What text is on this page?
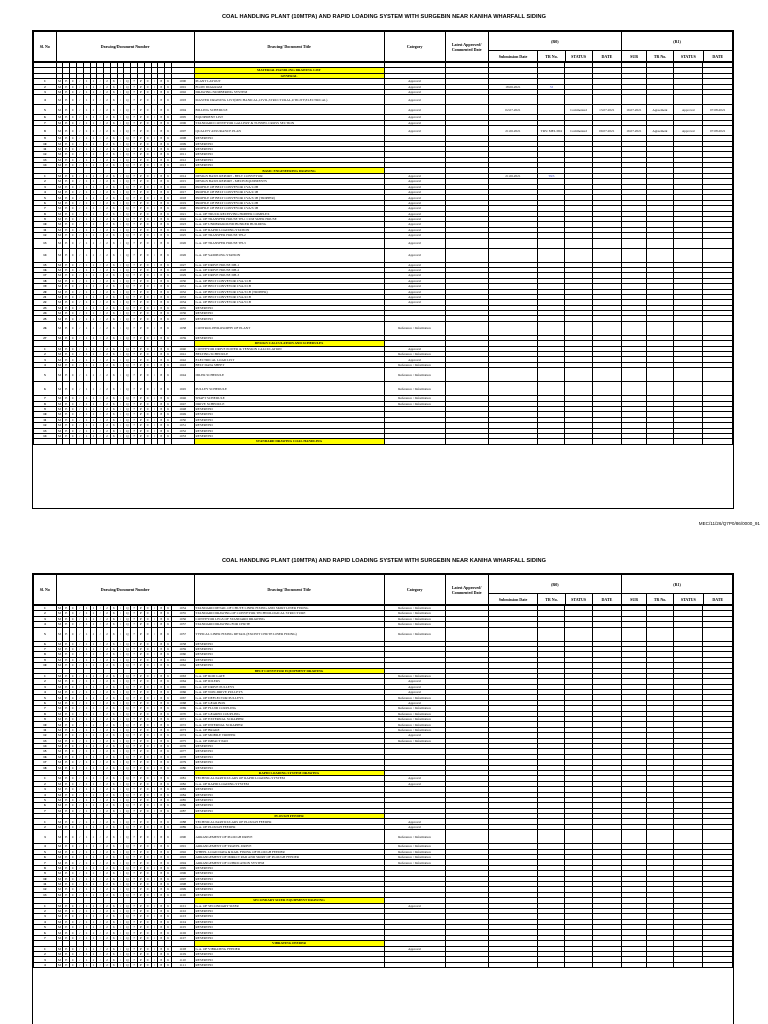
COAL HANDLING PLANT (10MTPA) AND RAPID LOADING SYSTEM WITH SURGEBIN NEAR KANIHA WHARFALL SIDING
Sl. No	Drawing/Document Number	Drawing/ Document Title	Category	Latest Approved/ Commented Date	(R0)				(R1)			
					Submission Date	TR No.	STATUS	DATE	SUB	TR No.	STATUS	DATE

																			MATERIAL HANDLING DRAWING LIST										
																			GENERAL										
1	M	E	C	/	1	1	/	2	6	/	Q	7	P	0	/	8	6	1000	PLANT LAYOUT	Approval									
2	M	E	C	/	1	1	/	2	6	/	Q	7	P	0	/	8	6	1001	FLOW DIAGRAM	Approval		18.06.2021	33						
3	M	E	C	/	1	1	/	2	6	/	Q	7	P	0	/	8	6	1002	DRAWING NUMBERING SYSTEM	Approval									
4	M	E	C	/	1	1	/	2	6	/	Q	7	P	0	/	8	6	1003	MASTER DRAWING LIST(MECHANICAL,CIVIL,STRUCTURAL,UTILITY,ELECTRICAL)	Approval									
5	M	E	C	/	1	1	/	2	6	/	Q	7	P	0	/	8	6	1004	BILLING SCHEDULE	Approval		02.07.2021		Commented	13.07.2021	16.07.2021	Agreement	Approval	07.08.2021
6	M	E	C	/	1	1	/	2	6	/	Q	7	P	0	/	8	6	1005	EQUIPMENT LIST	Approval									
7	M	E	C	/	1	1	/	2	6	/	Q	7	P	0	/	8	6	1006	STANDARD CONVEYOR GALLERY & TUNNEL CROSS SECTION	Approval									
8	M	E	C	/	1	1	/	2	6	/	Q	7	P	0	/	8	6	1007	QUALITY ASSURANCE PLAN	Approval		21.06.2021	TRS/ MEL/004	Commented	09.07.2021	16.07.2021	Agreement	Approval	07.08.2021
9	M	E	C	/	1	1	/	2	6	/	Q	7	P	0	/	8	6	1008	RESERVED										
10	M	E	C	/	1	1	/	2	6	/	Q	7	P	0	/	8	6	1009	RESERVED										
11	M	E	C	/	1	1	/	2	6	/	Q	7	P	0	/	8	6	1010	RESERVED										
12	M	E	C	/	1	1	/	2	6	/	Q	7	P	0	/	8	6	1011	RESERVED										
13	M	E	C	/	1	1	/	2	6	/	Q	7	P	0	/	8	6	1012	RESERVED										
14	M	E	C	/	1	1	/	2	6	/	Q	7	P	0	/	8	6	1013	RESERVED										
																			BASIC ENGINEERING DRAWING										
1	M	E	C	/	1	1	/	2	6	/	Q	7	P	0	/	8	6	1014	DESIGN BASIS REPORT - BELT CONVEYOR	Approval		21.06.2021	TRS						
2	M	E	C	/	1	1	/	2	6	/	Q	7	P	0	/	8	6	1015	DESIGN BASIS REPORT - MECH.EQUIPMENTS	Approval									
3	M	E	C	/	1	1	/	2	6	/	Q	7	P	0	/	8	6	1016	PROFILE OF BELT CONVEYOR CVA/1/2B	Approval									
4	M	E	C	/	1	1	/	2	6	/	Q	7	P	0	/	8	6	1017	PROFILE OF BELT CONVEYOR CVA/2/1B	Approval									
5	M	E	C	/	1	1	/	2	6	/	Q	7	P	0	/	8	6	1018	PROFILE OF BELT CONVEYOR CVA/3/1B (TRIPPER)	Approval									
6	M	E	C	/	1	1	/	2	6	/	Q	7	P	0	/	8	6	1019	PROFILE OF BELT CONVEYOR CVA/1/2B	Approval									
7	M	E	C	/	1	1	/	2	6	/	Q	7	P	0	/	8	6	1020	PROFILE OF BELT CONVEYOR CVA/5/1B	Approval									
8	M	E	C	/	1	1	/	2	6	/	Q	7	P	0	/	8	6	1021	G.A. OF TRUCK RECEIVING HOPPER COMPLEX	Approval									
9	M	E	C	/	1	1	/	2	6	/	Q	7	P	0	/	8	6	1022	G.A. OF TRANSFER HOUSE TH-1 CUM SIZER HOUSE	Approval									
10	M	E	C	/	1	1	/	2	6	/	Q	7	P	0	/	8	6	1023	G.A. OF UNDERGROUND BUNKER BUILDING	Approval									
11	M	E	C	/	1	1	/	2	6	/	Q	7	P	0	/	8	6	1024	G.A. OF RAPID LOADING STATION	Approval									
12	M	E	C	/	1	1	/	2	6	/	Q	7	P	0	/	8	6	1025	G.A. OF TRANSFER HOUSE TH-2	Approval									
13	M	E	C	/	1	1	/	2	6	/	Q	7	P	0	/	8	6	1026	G.A. OF TRANSFER HOUSE TH-3	Approval									
14	M	E	C	/	1	1	/	2	6	/	Q	7	P	0	/	8	6	1026	G.A. OF SAMPLING STATION	Approval									
15	M	E	C	/	1	1	/	2	6	/	Q	7	P	0	/	8	6	1027	G.A. OF DRIVE HOUSE DH-1	Approval									
16	M	E	C	/	1	1	/	2	6	/	Q	7	P	0	/	8	6	1028	G.A. OF DRIVE HOUSE DH-2	Approval									
17	M	E	C	/	1	1	/	2	6	/	Q	7	P	0	/	8	6	1029	G.A. OF DRIVE HOUSE DH-3	Approval									
18	M	E	C	/	1	1	/	2	6	/	Q	7	P	0	/	8	6	1030	G.A. OF BELT CONVEYOR CVA/1/1B	Approval									
19	M	E	C	/	1	1	/	2	6	/	Q	7	P	0	/	8	6	1031	G.A. OF BELT CONVEYOR CVA/2/1B	Approval									
20	M	E	C	/	1	1	/	2	6	/	Q	7	P	0	/	8	6	1032	G.A. OF BELT CONVEYOR CVA/3/1B (TRIPPER)	Approval									
21	M	E	C	/	1	1	/	2	6	/	Q	7	P	0	/	8	6	1033	G.A. OF BELT CONVEYOR CVA/4/1B	Approval									
22	M	E	C	/	1	1	/	2	6	/	Q	7	P	0	/	8	6	1034	G.A. OF BELT CONVEYOR CVA/5/1B	Approval									
23	M	E	C	/	1	1	/	2	6	/	Q	7	P	0	/	8	6	1035	RESERVED										
24	M	E	C	/	1	1	/	2	6	/	Q	7	P	0	/	8	6	1036	RESERVED										
25	M	E	C	/	1	1	/	2	6	/	Q	7	P	0	/	8	6	1037	RESERVED										
26	M	E	C	/	1	1	/	2	6	/	Q	7	P	0	/	8	6	1038	CONTROL PHILOSOPHY OF PLANT	Reference / Information									
27	M	E	C	/	1	1	/	2	6	/	Q	7	P	0	/	8	6	1039	RESERVED										
																			DESIGN CALCULATION AND SCHEDULES										
1	M	E	C	/	1	1	/	2	6	/	Q	7	P	0	/	8	6	1040	CONVEYOR DRIVE POWER & TENSION CALCULATION	Approval									
2	M	E	C	/	1	1	/	2	6	/	Q	7	P	0	/	8	6	1041	BELTING SCHEDULE	Reference / Information									
3	M	E	C	/	1	1	/	2	6	/	Q	7	P	0	/	8	6	1042	ELECTRICAL LOAD LIST	Approval									
4	M	E	C	/	1	1	/	2	6	/	Q	7	P	0	/	8	6	1043	BELT DATA SHEET	Reference / Information									
5	M	E	C	/	1	1	/	2	6	/	Q	7	P	0	/	8	6	1044	IDLER SCHEDULE	Reference / Information									
6	M	E	C	/	1	1	/	2	6	/	Q	7	P	0	/	8	6	1045	PULLEY SCHEDULE	Reference / Information									
7	M	E	C	/	1	1	/	2	6	/	Q	7	P	0	/	8	6	1046	SHAFT SCHEDULE	Reference / Information									
8	M	E	C	/	1	1	/	2	6	/	Q	7	P	0	/	8	6	1047	DRIVE SCHEDULE	Reference / Information									
9	M	E	C	/	1	1	/	2	6	/	Q	7	P	0	/	8	6	1048	RESERVED										
10	M	E	C	/	1	1	/	2	6	/	Q	7	P	0	/	8	6	1049	RESERVED										
11	M	E	C	/	1	1	/	2	6	/	Q	7	P	0	/	8	6	1050	RESERVED										
12	M	E	C	/	1	1	/	2	6	/	Q	7	P	0	/	8	6	1051	RESERVED										
13	M	E	C	/	1	1	/	2	6	/	Q	7	P	0	/	8	6	1052	RESERVED										
14	M	E	C	/	1	1	/	2	6	/	Q	7	P	0	/	8	6	1053	RESERVED										
																			STANDARD DRAWING COAL HANDLING										
MEC/11/26/Q7P0/86/0000_91
COAL HANDLING PLANT (10MTPA) AND RAPID LOADING SYSTEM WITH SURGEBIN NEAR KANIHA WHARFALL SIDING
Sl. No	Drawing/Document Number	Drawing/ Document Title	Category	Latest Approved/ Commented Date	(R0)				(R1)			
					Submission Date	TR No.	STATUS	DATE	SUB	TR No.	STATUS	DATE
1	M	E	C	/	1	1	/	2	6	/	Q	7	P	0	/	8	6	1054	STANDARD DETAIL OF CHUTE LINER FIXING AND SKIRT LINER FIXING	Reference / Information									
2	M	E	C	/	1	1	/	2	6	/	Q	7	P	0	/	8	6	1055	STANDARD DRAWING OF CONVEYOR TECHNOLOGICAL STRUCTURE	Reference / Information									
3	M	E	C	/	1	1	/	2	6	/	Q	7	P	0	/	8	6	1056	CONVEYOR LEGS OF STANDARD DRAWING	Reference / Information									
4	M	E	C	/	1	1	/	2	6	/	Q	7	P	0	/	8	6	1057	STANDARD DRAWING FOR CHUTE	Reference / Information									
5	M	E	C	/	1	1	/	2	6	/	Q	7	P	0	/	8	6	1057	TYPICAL LINER FIXING DETAIL (EXCEPT CHUTE LINER FIXING)	Reference / Information									
6	M	E	C	/	1	1	/	2	6	/	Q	7	P	0	/	8	6	1058	RESERVED										
7	M	E	C	/	1	1	/	2	6	/	Q	7	P	0	/	8	6	1059	RESERVED										
8	M	E	C	/	1	1	/	2	6	/	Q	7	P	0	/	8	6	1060	RESERVED										
9	M	E	C	/	1	1	/	2	6	/	Q	7	P	0	/	8	6	1061	RESERVED										
10	M	E	C	/	1	1	/	2	6	/	Q	7	P	0	/	8	6	1062	RESERVED										
																			BELT CONVEYOR EQUIPMENT DRAWING										
1	M	E	C	/	1	1	/	2	6	/	Q	7	P	0	/	8	6	1063	G.A. OF ROD GATE	Reference / Information									
2	M	E	C	/	1	1	/	2	6	/	Q	7	P	0	/	8	6	1064	G.A. OF IDLERS	Approval									
3	M	E	C	/	1	1	/	2	6	/	Q	7	P	0	/	8	6	1065	G.A. OF DRIVE PULLEYS	Approval									
4	M	E	C	/	1	1	/	2	6	/	Q	7	P	0	/	8	6	1066	G.A. OF NON-DRIVE PULLEYS	Approval									
5	M	E	C	/	1	1	/	2	6	/	Q	7	P	0	/	8	6	1067	G.A. OF DEFLECTOR PULLEYS	Reference / Information									
6	M	E	C	/	1	1	/	2	6	/	Q	7	P	0	/	8	6	1068	G.A. OF GEAR BOX	Approval									
7	M	E	C	/	1	1	/	2	6	/	Q	7	P	0	/	8	6	1069	G.A. OF FLUID COUPLING	Reference / Information									
8	M	E	C	/	1	1	/	2	6	/	Q	7	P	0	/	8	6	1070	G.A. OF GEARED COUPLING	Reference / Information									
9	M	E	C	/	1	1	/	2	6	/	Q	7	P	0	/	8	6	1071	G.A. OF EXTERNAL SCRAPPER	Reference / Information									
10	M	E	C	/	1	1	/	2	6	/	Q	7	P	0	/	8	6	1072	G.A. OF INTERNAL SCRAPPER	Reference / Information									
11	M	E	C	/	1	1	/	2	6	/	Q	7	P	0	/	8	6	1073	G.A. OF BRAKE	Reference / Information									
12	M	E	C	/	1	1	/	2	6	/	Q	7	P	0	/	8	6	1074	G.A. OF MOBILE TRIPPER	Approval									
13	M	E	C	/	1	1	/	2	6	/	Q	7	P	0	/	8	6	1075	G.A. OF IMPACT PAD	Reference / Information									
14	M	E	C	/	1	1	/	2	6	/	Q	7	P	0	/	8	6	1076	RESERVED										
15	M	E	C	/	1	1	/	2	6	/	Q	7	P	0	/	8	6	1077	RESERVED										
16	M	E	C	/	1	1	/	2	6	/	Q	7	P	0	/	8	6	1078	RESERVED										
17	M	E	C	/	1	1	/	2	6	/	Q	7	P	0	/	8	6	1079	RESERVED										
18	M	E	C	/	1	1	/	2	6	/	Q	7	P	0	/	8	6	1080	RESERVED										
																			RAPID LOADING SYSTEM DRAWING										
1	M	E	C	/	1	1	/	2	6	/	Q	7	P	0	/	8	6	1081	TECHNICAL PARTICULARS OF RAPID LOADING SYSTEM	Approval									
2	M	E	C	/	1	1	/	2	6	/	Q	7	P	0	/	8	6	1082	G.A. OF RAPID LOADING SYSTEM	Approval									
3	M	E	C	/	1	1	/	2	6	/	Q	7	P	0	/	8	6	1083	RESERVED										
4	M	E	C	/	1	1	/	2	6	/	Q	7	P	0	/	8	6	1084	RESERVED										
5	M	E	C	/	1	1	/	2	6	/	Q	7	P	0	/	8	6	1085	RESERVED										
6	M	E	C	/	1	1	/	2	6	/	Q	7	P	0	/	8	6	1086	RESERVED										
7	M	E	C	/	1	1	/	2	6	/	Q	7	P	0	/	8	6	1087	RESERVED										
																			PLOUGH FEEDER										
1	M	E	C	/	1	1	/	2	6	/	Q	7	P	0	/	8	6	1088	TECHNICAL PARTICULARS OF PLOUGH FEEDER	Approval									
2	M	E	C	/	1	1	/	2	6	/	Q	7	P	0	/	8	6	1089	G.A. OF PLOUGH FEEDER	Approval									
3	M	E	C	/	1	1	/	2	6	/	Q	7	P	0	/	8	6	1090	ARRANGEMENT OF PLOUGH DRIVE	Reference / Information									
4	M	E	C	/	1	1	/	2	6	/	Q	7	P	0	/	8	6	1091	ARRANGEMENT OF TRAVEL DRIVE	Reference / Information									
5	M	E	C	/	1	1	/	2	6	/	Q	7	P	0	/	8	6	1092	WHEEL LOAD DATA & RAIL FIXING OF PLOUGH FEEDER	Reference / Information									
6	M	E	C	/	1	1	/	2	6	/	Q	7	P	0	/	8	6	1093	ARRANGEMENT OF IMPACT PAD AND SKIRT OF PLOUGH FEEDER	Reference / Information									
7	M	E	C	/	1	1	/	2	6	/	Q	7	P	0	/	8	6	1094	ARRANGEMENT OF LUBRICATION SYSTEM	Reference / Information									
8	M	E	C	/	1	1	/	2	6	/	Q	7	P	0	/	8	6	1095	RESERVED										
9	M	E	C	/	1	1	/	2	6	/	Q	7	P	0	/	8	6	1096	RESERVED										
10	M	E	C	/	1	1	/	2	6	/	Q	7	P	0	/	8	6	1097	RESERVED										
11	M	E	C	/	1	1	/	2	6	/	Q	7	P	0	/	8	6	1098	RESERVED										
12	M	E	C	/	1	1	/	2	6	/	Q	7	P	0	/	8	6	1099	RESERVED										
13	M	E	C	/	1	1	/	2	6	/	Q	7	P	0	/	8	6	1100	RESERVED										
																			SECONDARY SIZER EQUIPMENT DRAWING										
1	M	E	C	/	1	1	/	2	6	/	Q	7	P	0	/	8	6	1101	G.A. OF SECONDARY SIZER	Approval									
2	M	E	C	/	1	1	/	2	6	/	Q	7	P	0	/	8	6	1102	RESERVED										
3	M	E	C	/	1	1	/	2	6	/	Q	7	P	0	/	8	6	1103	RESERVED										
4	M	E	C	/	1	1	/	2	6	/	Q	7	P	0	/	8	6	1104	RESERVED										
5	M	E	C	/	1	1	/	2	6	/	Q	7	P	0	/	8	6	1105	RESERVED										
6	M	E	C	/	1	1	/	2	6	/	Q	7	P	0	/	8	6	1106	RESERVED										
7	M	E	C	/	1	1	/	2	6	/	Q	7	P	0	/	8	6	1107	RESERVED										
																			VIBRATING FEEDER										
1	M	E	C	/	1	1	/	2	6	/	Q	7	P	0	/	8	6	1108	G.A. OF VIBRATING FEEDER	Approval									
2	M	E	C	/	1	1	/	2	6	/	Q	7	P	0	/	8	6	1109	RESERVED										
3	M	E	C	/	1	1	/	2	6	/	Q	7	P	0	/	8	6	1110	RESERVED										
4	M	E	C	/	1	1	/	2	6	/	Q	7	P	0	/	8	6	1111	RESERVED										
